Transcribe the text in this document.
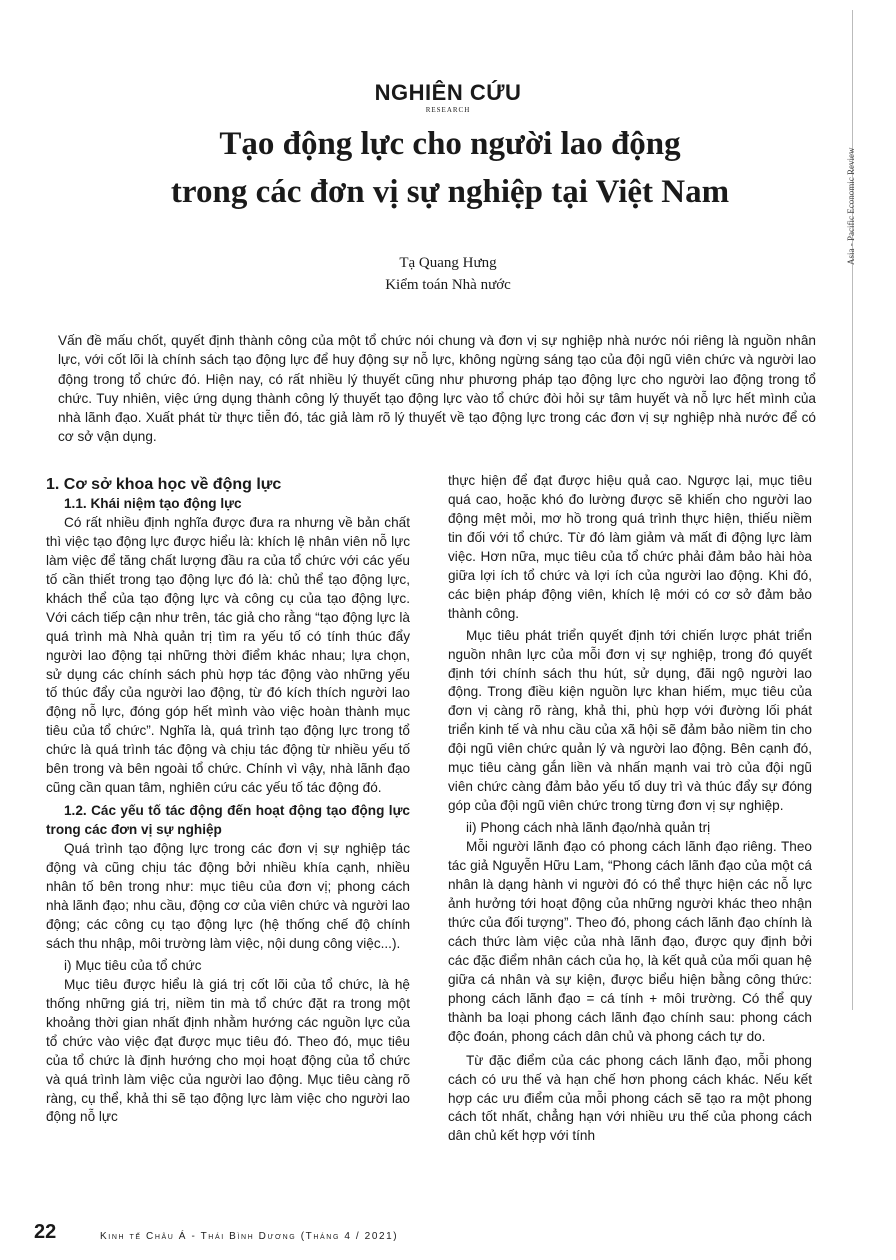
Asia - Pacific Economic Review
NGHIÊN CỨU
RESEARCH
Tạo động lực cho người lao động
trong các đơn vị sự nghiệp tại Việt Nam
Tạ Quang Hưng
Kiểm toán Nhà nước
Vấn đề mấu chốt, quyết định thành công của một tổ chức nói chung và đơn vị sự nghiệp nhà nước nói riêng là nguồn nhân lực, với cốt lõi là chính sách tạo động lực để huy động sự nỗ lực, không ngừng sáng tạo của đội ngũ viên chức và người lao động trong tổ chức đó. Hiện nay, có rất nhiều lý thuyết cũng như phương pháp tạo động lực cho người lao động trong tổ chức. Tuy nhiên, việc ứng dụng thành công lý thuyết tạo động lực vào tổ chức đòi hỏi sự tâm huyết và nỗ lực hết mình của nhà lãnh đạo. Xuất phát từ thực tiễn đó, tác giả làm rõ lý thuyết về tạo động lực trong các đơn vị sự nghiệp nhà nước để có cơ sở vận dụng.

1. Cơ sở khoa học về động lực

1.1. Khái niệm tạo động lực

Có rất nhiều định nghĩa được đưa ra nhưng về bản chất thì việc tạo động lực được hiểu là: khích lệ nhân viên nỗ lực làm việc để tăng chất lượng đầu ra của tổ chức với các yếu tố cần thiết trong tạo động lực đó là: chủ thể tạo động lực, khách thể của tạo động lực và công cụ của tạo động lực. Với cách tiếp cận như trên, tác giả cho rằng “tạo động lực là quá trình mà Nhà quản trị tìm ra yếu tố có tính thúc đẩy người lao động tại những thời điểm khác nhau; lựa chọn, sử dụng các chính sách phù hợp tác động vào những yếu tố thúc đẩy của người lao động, từ đó kích thích người lao động nỗ lực, đóng góp hết mình vào việc hoàn thành mục tiêu của tổ chức”. Nghĩa là, quá trình tạo động lực trong tổ chức là quá trình tác động và chịu tác động từ nhiều yếu tố bên trong và bên ngoài tổ chức. Chính vì vậy, nhà lãnh đạo cũng cần quan tâm, nghiên cứu các yếu tố tác động đó.

1.2. Các yếu tố tác động đến hoạt động tạo động lực trong các đơn vị sự nghiệp

Quá trình tạo động lực trong các đơn vị sự nghiệp tác động và cũng chịu tác động bởi nhiều khía cạnh, nhiều nhân tố bên trong như: mục tiêu của đơn vị; phong cách nhà lãnh đạo; nhu cầu, động cơ của viên chức và người lao động; các công cụ tạo động lực (hệ thống chế độ chính sách thu nhập, môi trường làm việc, nội dung công việc...).

i) Mục tiêu của tổ chức

Mục tiêu được hiểu là giá trị cốt lõi của tổ chức, là hệ thống những giá trị, niềm tin mà tổ chức đặt ra trong một khoảng thời gian nhất định nhằm hướng các nguồn lực của tổ chức vào việc đạt được mục tiêu đó. Theo đó, mục tiêu của tổ chức là định hướng cho mọi hoạt động của tổ chức và quá trình làm việc của người lao động. Mục tiêu càng rõ ràng, cụ thể, khả thi sẽ tạo động lực làm việc cho người lao động nỗ lực

thực hiện để đạt được hiệu quả cao. Ngược lại, mục tiêu quá cao, hoặc khó đo lường được sẽ khiến cho người lao động mệt mỏi, mơ hồ trong quá trình thực hiện, thiếu niềm tin đối với tổ chức. Từ đó làm giảm và mất đi động lực làm việc. Hơn nữa, mục tiêu của tổ chức phải đảm bảo hài hòa giữa lợi ích tổ chức và lợi ích của người lao động. Khi đó, các biện pháp động viên, khích lệ mới có cơ sở đảm bảo thành công.

Mục tiêu phát triển quyết định tới chiến lược phát triển nguồn nhân lực của mỗi đơn vị sự nghiệp, trong đó quyết định tới chính sách thu hút, sử dụng, đãi ngộ người lao động. Trong điều kiện nguồn lực khan hiếm, mục tiêu của đơn vị càng rõ ràng, khả thi, phù hợp với đường lối phát triển kinh tế và nhu cầu của xã hội sẽ đảm bảo niềm tin cho đội ngũ viên chức quản lý và người lao động. Bên cạnh đó, mục tiêu càng gắn liền và nhấn mạnh vai trò của đội ngũ viên chức càng đảm bảo yếu tố duy trì và thúc đẩy sự đóng góp của đội ngũ viên chức trong từng đơn vị sự nghiệp.

ii) Phong cách nhà lãnh đạo/nhà quản trị

Mỗi người lãnh đạo có phong cách lãnh đạo riêng. Theo tác giả Nguyễn Hữu Lam, “Phong cách lãnh đạo của một cá nhân là dạng hành vi người đó có thể thực hiện các nỗ lực ảnh hưởng tới hoạt động của những người khác theo nhận thức của đối tượng”. Theo đó, phong cách lãnh đạo chính là cách thức làm việc của nhà lãnh đạo, được quy định bởi các đặc điểm nhân cách của họ, là kết quả của mối quan hệ giữa cá nhân và sự kiện, được biểu hiện bằng công thức: phong cách lãnh đạo = cá tính + môi trường. Có thể quy thành ba loại phong cách lãnh đạo chính sau: phong cách độc đoán, phong cách dân chủ và phong cách tự do.

Từ đặc điểm của các phong cách lãnh đạo, mỗi phong cách có ưu thế và hạn chế hơn phong cách khác. Nếu kết hợp các ưu điểm của mỗi phong cách sẽ tạo ra một phong cách tốt nhất, chẳng hạn với nhiều ưu thế của phong cách dân chủ kết hợp với tính

22	Kinh tế Châu Á - Thái Bình Dương (Tháng 4 / 2021)
